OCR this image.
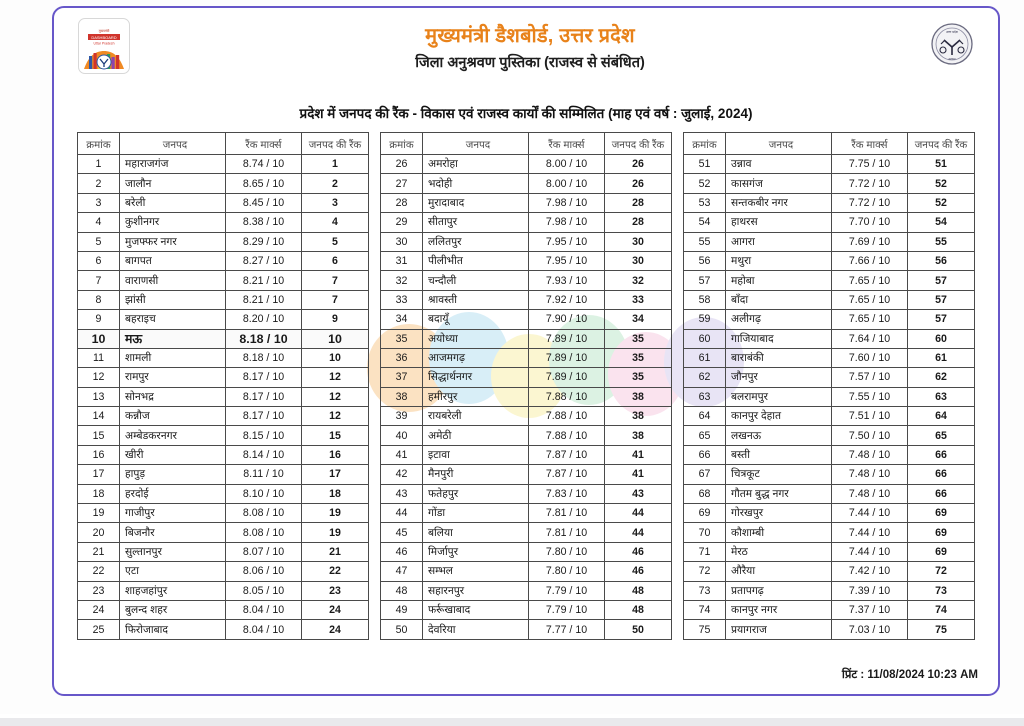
मुख्यमंत्री
DASHBOARD
Uttar Pradesh	मुख्यमंत्री डैशबोर्ड, उत्तर प्रदेश
जिला अनुश्रवण पुस्तिका (राजस्व से संबंधित)
उत्तर प्रदेश
सरकार
प्रदेश में जनपद की रैंक - विकास एवं राजस्व कार्यों की सम्मिलित (माह एवं वर्ष : जुलाई, 2024)
क्रमांक	जनपद	रैंक मार्क्स	जनपद की रैंक
1	महाराजगंज	8.74 / 10	1
2	जालौन	8.65 / 10	2
3	बरेली	8.45 / 10	3
4	कुशीनगर	8.38 / 10	4
5	मुजफ्फर नगर	8.29 / 10	5
6	बागपत	8.27 / 10	6
7	वाराणसी	8.21 / 10	7
8	झांसी	8.21 / 10	7
9	बहराइच	8.20 / 10	9
10	मऊ	8.18 / 10	10
11	शामली	8.18 / 10	10
12	रामपुर	8.17 / 10	12
13	सोनभद्र	8.17 / 10	12
14	कन्नौज	8.17 / 10	12
15	अम्बेडकरनगर	8.15 / 10	15
16	खीरी	8.14 / 10	16
17	हापुड़	8.11 / 10	17
18	हरदोई	8.10 / 10	18
19	गाजीपुर	8.08 / 10	19
20	बिजनौर	8.08 / 10	19
21	सुल्तानपुर	8.07 / 10	21
22	एटा	8.06 / 10	22
23	शाहजहांपुर	8.05 / 10	23
24	बुलन्द शहर	8.04 / 10	24
25	फिरोजाबाद	8.04 / 10	24
क्रमांक	जनपद	रैंक मार्क्स	जनपद की रैंक
26	अमरोहा	8.00 / 10	26
27	भदोही	8.00 / 10	26
28	मुरादाबाद	7.98 / 10	28
29	सीतापुर	7.98 / 10	28
30	ललितपुर	7.95 / 10	30
31	पीलीभीत	7.95 / 10	30
32	चन्दौली	7.93 / 10	32
33	श्रावस्ती	7.92 / 10	33
34	बदायूँ	7.90 / 10	34
35	अयोध्या	7.89 / 10	35
36	आजमगढ़	7.89 / 10	35
37	सिद्धार्थनगर	7.89 / 10	35
38	हमीरपुर	7.88 / 10	38
39	रायबरेली	7.88 / 10	38
40	अमेठी	7.88 / 10	38
41	इटावा	7.87 / 10	41
42	मैनपुरी	7.87 / 10	41
43	फतेहपुर	7.83 / 10	43
44	गोंडा	7.81 / 10	44
45	बलिया	7.81 / 10	44
46	मिर्जापुर	7.80 / 10	46
47	सम्भल	7.80 / 10	46
48	सहारनपुर	7.79 / 10	48
49	फर्रूखाबाद	7.79 / 10	48
50	देवरिया	7.77 / 10	50
क्रमांक	जनपद	रैंक मार्क्स	जनपद की रैंक
51	उन्नाव	7.75 / 10	51
52	कासगंज	7.72 / 10	52
53	सन्तकबीर नगर	7.72 / 10	52
54	हाथरस	7.70 / 10	54
55	आगरा	7.69 / 10	55
56	मथुरा	7.66 / 10	56
57	महोबा	7.65 / 10	57
58	बाँदा	7.65 / 10	57
59	अलीगढ़	7.65 / 10	57
60	गाजियाबाद	7.64 / 10	60
61	बाराबंकी	7.60 / 10	61
62	जौनपुर	7.57 / 10	62
63	बलरामपुर	7.55 / 10	63
64	कानपुर देहात	7.51 / 10	64
65	लखनऊ	7.50 / 10	65
66	बस्ती	7.48 / 10	66
67	चित्रकूट	7.48 / 10	66
68	गौतम बुद्ध नगर	7.48 / 10	66
69	गोरखपुर	7.44 / 10	69
70	कौशाम्बी	7.44 / 10	69
71	मेरठ	7.44 / 10	69
72	औरैया	7.42 / 10	72
73	प्रतापगढ़	7.39 / 10	73
74	कानपुर नगर	7.37 / 10	74
75	प्रयागराज	7.03 / 10	75
प्रिंट : 11/08/2024 10:23 AM
